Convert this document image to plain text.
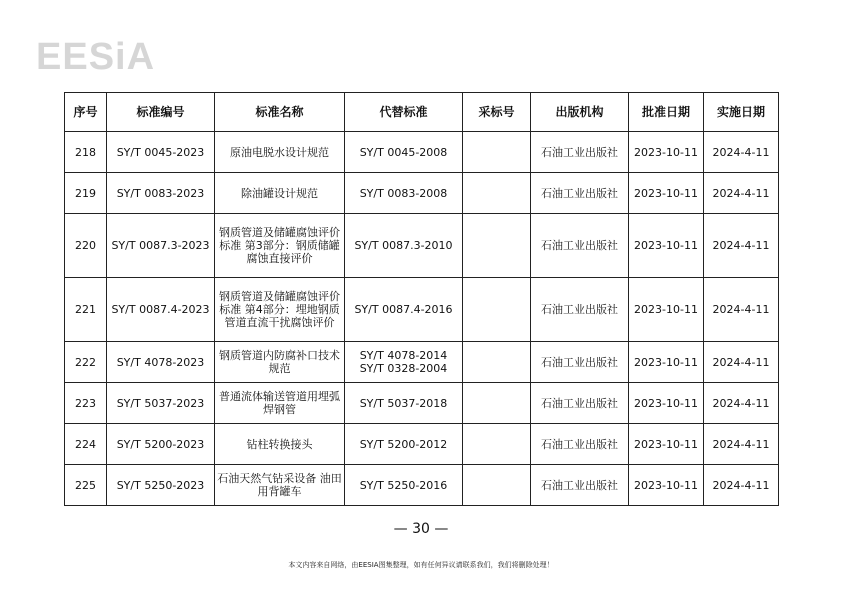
EESiA
序号	标准编号	标准名称	代替标准	采标号	出版机构	批准日期	实施日期
218	SY/T 0045-2023	原油电脱水设计规范	SY/T 0045-2008		石油工业出版社	2023-10-11	2024-4-11
219	SY/T 0083-2023	除油罐设计规范	SY/T 0083-2008		石油工业出版社	2023-10-11	2024-4-11
220	SY/T 0087.3-2023	钢质管道及储罐腐蚀评价标准 第3部分：钢质储罐腐蚀直接评价	SY/T 0087.3-2010		石油工业出版社	2023-10-11	2024-4-11
221	SY/T 0087.4-2023	钢质管道及储罐腐蚀评价标准 第4部分：埋地钢质管道直流干扰腐蚀评价	SY/T 0087.4-2016		石油工业出版社	2023-10-11	2024-4-11
222	SY/T 4078-2023	钢质管道内防腐补口技术规范	SY/T 4078-2014 SY/T 0328-2004		石油工业出版社	2023-10-11	2024-4-11
223	SY/T 5037-2023	普通流体输送管道用埋弧焊钢管	SY/T 5037-2018		石油工业出版社	2023-10-11	2024-4-11
224	SY/T 5200-2023	钻柱转换接头	SY/T 5200-2012		石油工业出版社	2023-10-11	2024-4-11
225	SY/T 5250-2023	石油天然气钻采设备 油田用背罐车	SY/T 5250-2016		石油工业出版社	2023-10-11	2024-4-11
— 30 —
本文内容来自网络，由EESIA图集整理，如有任何异议请联系我们，我们将删除处理！
